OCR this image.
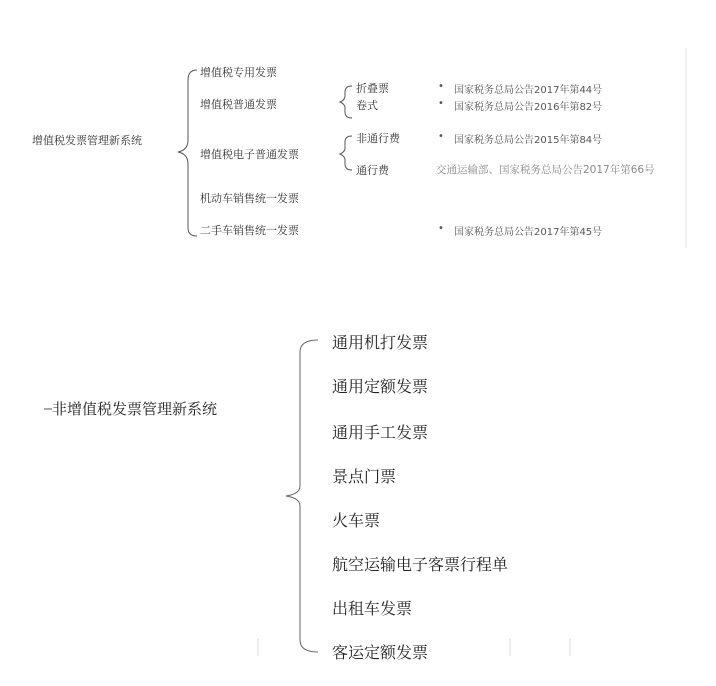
增值税发票管理新系统
增值税专用发票
增值税普通发票
增值税电子普通发票
机动车销售统一发票
二手车销售统一发票
折叠票
卷式
非通行费
通行费
• 国家税务总局公告2017年第44号
• 国家税务总局公告2016年第82号
• 国家税务总局公告2015年第84号
交通运输部、国家税务总局公告2017年第66号
• 国家税务总局公告2017年第45号
非增值税发票管理新系统
通用机打发票
通用定额发票
通用手工发票
景点门票
火车票
航空运输电子客票行程单
出租车发票
客运定额发票
